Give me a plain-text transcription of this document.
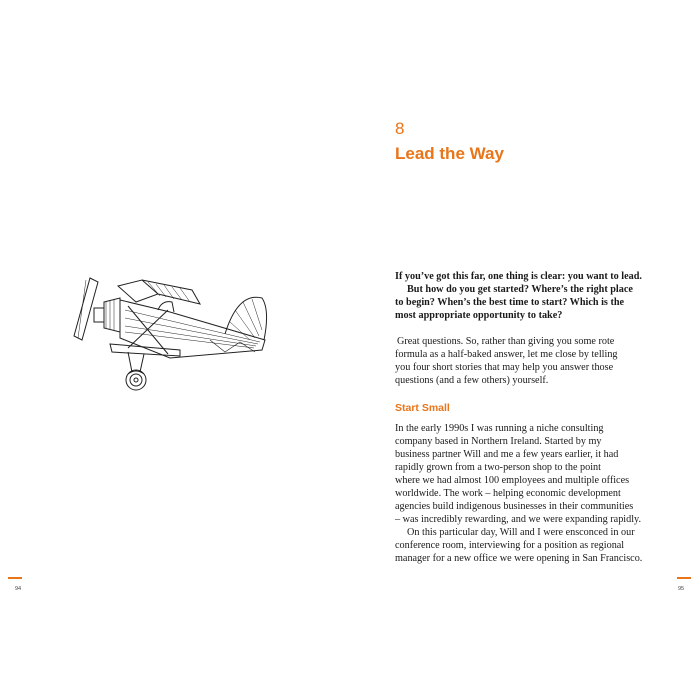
94
8
Lead the Way
If you’ve got this far, one thing is clear: you want to lead.
But how do you get started? Where’s the right place
to begin? When’s the best time to start? Which is the
most appropriate opportunity to take?
Great questions. So, rather than giving you some rote
formula as a half-baked answer, let me close by telling
you four short stories that may help you answer those
questions (and a few others) yourself.
Start Small
In the early 1990s I was running a niche consulting
company based in Northern Ireland. Started by my
business partner Will and me a few years earlier, it had
rapidly grown from a two-person shop to the point
where we had almost 100 employees and multiple offices
worldwide. The work – helping economic development
agencies build indigenous businesses in their communities
– was incredibly rewarding, and we were expanding rapidly.
On this particular day, Will and I were ensconced in our
conference room, interviewing for a position as regional
manager for a new office we were opening in San Francisco.
95
